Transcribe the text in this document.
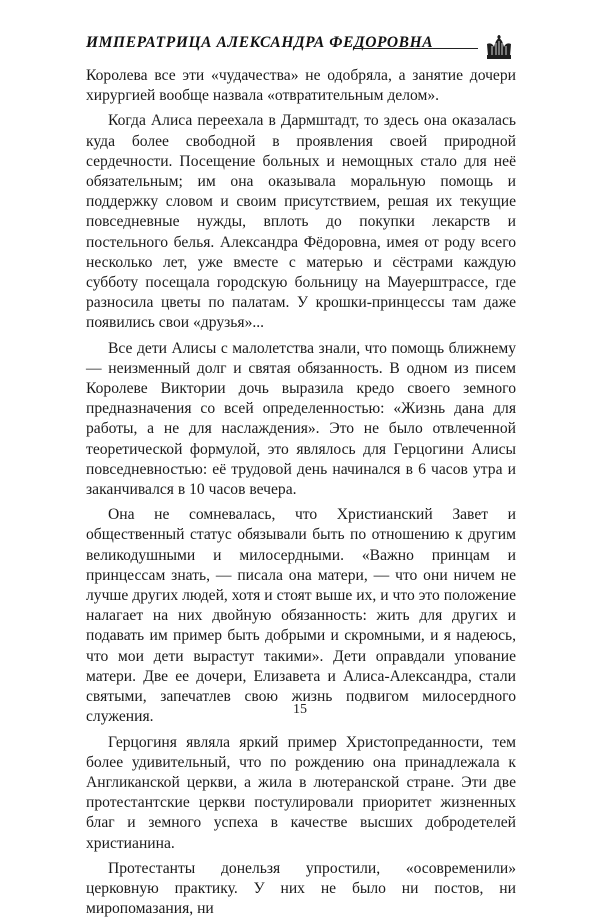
ИМПЕРАТРИЦА АЛЕКСАНДРА ФЕДОРОВНА

Королева все эти «чудачества» не одобряла, а занятие дочери хирургией вообще назвала «отвратительным делом».

Когда Алиса переехала в Дармштадт, то здесь она оказалась куда более свободной в проявления своей природной сердечности. Посещение больных и немощных стало для неё обязательным; им она оказывала моральную помощь и поддержку словом и своим присутствием, решая их текущие повседневные нужды, вплоть до покупки лекарств и постельного белья. Александра Фёдоровна, имея от роду всего несколько лет, уже вместе с матерью и сёстрами каждую субботу посещала городскую больницу на Мауерштрассе, где разносила цветы по палатам. У крошки-принцессы там даже появились свои «друзья»...

Все дети Алисы с малолетства знали, что помощь ближнему — неизменный долг и святая обязанность. В одном из писем Королеве Виктории дочь выразила кредо своего земного предназначения со всей определенностью: «Жизнь дана для работы, а не для наслаждения». Это не было отвлеченной теоретической формулой, это являлось для Герцогини Алисы повседневностью: её трудовой день начинался в 6 часов утра и заканчивался в 10 часов вечера.

Она не сомневалась, что Христианский Завет и общественный статус обязывали быть по отношению к другим великодушными и милосердными. «Важно принцам и принцессам знать, — писала она матери, — что они ничем не лучше других людей, хотя и стоят выше их, и что это положение налагает на них двойную обязанность: жить для других и подавать им пример быть добрыми и скромными, и я надеюсь, что мои дети вырастут такими». Дети оправдали упование матери. Две ее дочери, Елизавета и Алиса-Александра, стали святыми, запечатлев свою жизнь подвигом милосердного служения.

Герцогиня являла яркий пример Христопреданности, тем более удивительный, что по рождению она принадлежала к Англиканской церкви, а жила в лютеранской стране. Эти две протестантские церкви постулировали приоритет жизненных благ и земного успеха в качестве высших добродетелей христианина.

Протестанты донельзя упростили, «осовременили» церковную практику. У них не было ни постов, ни миропомазания, ни

15
